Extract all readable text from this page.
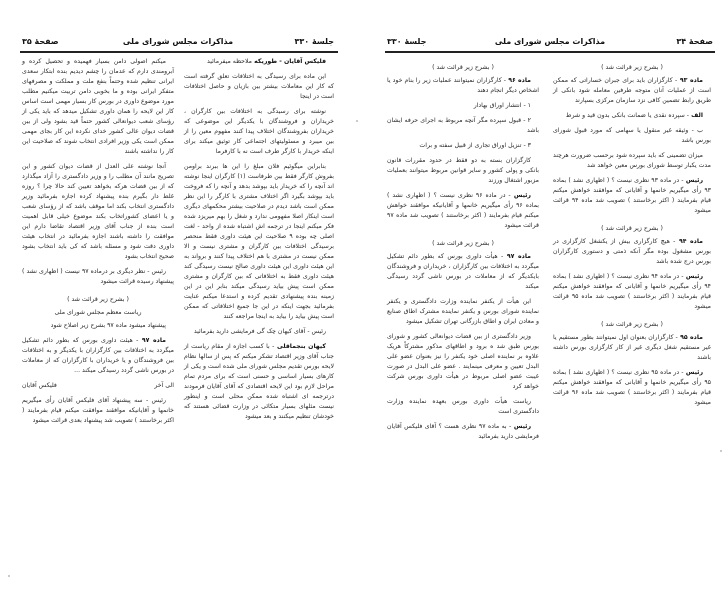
جلسهٔ ۳۳۰
مذاکرات مجلس شورای ملی
صفحهٔ ۳۵

فلیکس آقایان - طوریکه ملاحظه میفرمائید

این ماده برای رسیدگی به اختلافات تعلق گرفته است که کار این معاملات بیشتر بین بازیان و حاصل اختلافات است در اینجا

نوشته برای رسیدگی به اختلافات بین کارگران ، خریداران و فروشندگان با یکدیگر این موضوعی که خریداران بفروشندگان اختلاف پیدا کنند مفهوم معین را از بین میبرد و مسئولیتهای اجتماعی کار توثیق میکند برای اینکه خریدار با کارگر طرف است نه با کارفرما

بنابراین میگوئیم فلان مبلغ را این ها ببرند براومن بفروش کارگر فقط بین طرفاست (۱) کارگران اینجا نوشته اند آنچه را که خریدار باید بپوشد بدهد و آنچه را که فروخت باید بپوشد بگیرد اگر اختلاف مشتری با کارگر را این نظر ممکن است باشد دیدم در صلاحیت بیشتر محکمهای دیگری است اینکار اصلا مفهومی ندارد و شغل را بهم میریزد شده فکر میکنم اینجا در ترجمه اش اشتباه شده از واحد - لغت اصلی چه بوده ۹ صلاحیت این هیئت داوری فقط منحصر برسیدگی اختلافات بین کارگران و مشتری نیست و الا ممکن نیست در مشتری با هم اختلاف پیدا کنند و برواند به این هیئت داوری این هیئت داوری صالح نیست رسیدگی کند هیئت داوری فقط به اختلافاتی که بین کارگران و مشتری ممکن است پیش بیاید رسیدگی میکند بنابر این در این زمینه بنده پیشنهادی تقدیم کرده و استدعا میکنم عنایت بفرمائید بجهت اینکه در این جا جمیع اختلافاتی که ممکن است پیش بیاید را بیاید به اینجا مراجعه کنند

رئیس - آقای کیهان چک گی فرمایشی دارید بفرمائید

کیهان بنجماقلی - با کسب اجازه از مقام ریاست از جناب آقای وزیر اقتصاد تشکر میکنم که پس از سالها نظام لایحه بورس تقدیم مجلس شورای ملی شده است و یکی از کارهای بسیار اساسی و حسنی است که برای مردم تمام مراحل لازم بود این لایحه اقتصادی که آقای آقایان فرمودند درترجمه ای اشتباه شده ممکن محلی است و اینطور نیست مثلهای بسیار متکائی در وزارت قضائی هستند که خودشان تنظیم میکنند و بعد میشود

میکنم اصولی دامن بسیار فهمیده و تحصیل کرده و آبرومندی دارم که عدمان را چشم دیدیم بنده ابتکار سعدی ایرانی تنظیم شده وحتماً بنفع ملت و مملکت و مصرفهای متفکر ایرانی بوده و ما بخوبی دامن تربیت میکنیم مطلب مورد موضوع داوری در بورس کار بسیار مهمی است اساس کار این لایحه را همان داوری تشکیل میدهد که باید یکی از رؤسای شعب دیوانعالی کشور حتماً قید بشود ولی از بین قضات دیوان عالی کشور خدای نکرده این کار بجای مهمی ممکن است یکی وزیر افرادی انتخاب شوند که صلاحیت این کار را نداشته باشند

آنجا نوشته علی العدل از قضات دیوان کشور و این تصریح مانند آن مطلب را و وزیر دادگستری را آزاد میگذارد که از بین قضات هرکه بخواهد تعیین کند حالا چرا ؟ روزه غلط دار بگیرم بنده پیشنهاد کرده اجازه بفرمائید وزیر دادگستری انتخاب بکند اما موقف باشد که از رؤسای شعب و یا اعضای کشوراتخاب بکند موضوع خیلی قابل اهمیت است بنده از جناب آقای وزیر اقتصاد تقاضا دارم این موافقت را داشته باشند اجازه بفرمائید در انتخاب هیئت داوری دقت شود و مسئله باشد که کی باید انتخاب بشود صحیح انتخاب بشود

رئیس - نظر دیگری بر درماده ۹۷ نیست ( اظهاری نشد ) پیشنهاد رسیده قرائت میشود

( بشرح زیر قرائت شد )

ریاست معظم مجلس شورای ملی

پیشنهاد میشود ماده ۹۷ بشرح زیر اصلاح شود

ماده ۹۷ - هیئت داوری بورس که بطور دائم تشکیل میگردد به اختلافات بین کارگزاران با یکدیگر و به اختلافات بین فروشندگان و یا خریداران با کارگزاران که از معاملات در بورس ناشی گردد رسیدگی میکند ...

الی آخر
فلیکس آقایان

رئیس - سه پیشنهاد آقای فلیکس آقایان رأی میگیریم خانمها و آقایانیکه موافقند موافقت میکنم قیام بفرمایند ( اکثر برخاستند ) تصویب شد پیشنهاد بعدی قرائت میشود

صفحهٔ ۳۴
مذاکرات مجلس شورای ملی
جلسهٔ ۳۳۰

( بشرح زیر قرائت شد )

ماده ۹۳ - کارگزاران باید برای جبران خساراتی که ممکن است از عملیات آنان متوجه طرفین معامله شود بانکی از طریق رابط تضمین کافی نزد سازمان مرکزی بسپارند

الف - سپرده نقدی یا ضمانت بانکی بدون قید و شرط

ب - وثیقه غیر منقول یا سهامی که مورد قبول شورای بورس باشد

میزان تضمینی که باید سپرده شود برحسب ضرورت هرچند مدت یکبار توسط شورای بورس معین خواهد شد

رئیس - در ماده ۹۳ نظری نیست ؟ ( اظهاری نشد ) بماده ۹۳ رأی میگیریم خانمها و آقایانی که موافقند خواهش میکنم قیام بفرمایند ( اکثر برخاستند ) تصویب شد ماده ۹۴ قرائت میشود

( بشرح زیر قرائت شد )

ماده ۹۴ - هیچ کارگزاری بیش از یکشغل کارگزاری در بورس مشغول بوده مگر آنکه ذمتی و دستوری کارگزاران بورس درج شده باشد

رئیس - در ماده ۹۴ نظری نیست ؟ ( اظهاری نشد ) بماده ۹۴ رأی میگیریم خانمها و آقایانی که موافقند خواهش میکنم قیام بفرمایند ( اکثر برخاستند ) تصویب شد ماده ۹۵ قرائت میشود

( بشرح زیر قرائت شد )

ماده ۹۵ - کارگزاران بعنوان اول نمیتوانند بطور مستقیم یا غیر مستقیم شغل دیگری غیر از کار کارگزاری بورس داشته باشند

رئیس - در ماده ۹۵ نظری نیست ؟ ( اظهاری نشد ) بماده ۹۵ رأی میگیریم خانمها و آقایانی که موافقند خواهش میکنم قیام بفرمایند ( اکثر برخاستند ) تصویب شد ماده ۹۶ قرائت میشود

( بشرح زیر قرائت شد )

ماده ۹۶ - کارگزاران نمیتوانند عملیات زیر را بنام خود یا اشخاص دیگر انجام دهند

۱ - انتشار اوراق بهادار

۲ - قبول سپرده مگر آنچه مربوط به اجرای حرفه ایشان باشد

۳ - تنزیل اوراق تجاری از قبیل سفته و برات

کارگزاران بسته به دو فقط در حدود مقررات قانون بانکی و پولی کشور و سایر قوانین مربوط میتوانند بعملیات مزبور اشتغال ورزند

رئیس - در ماده ۹۶ نظری نیست ؟ ( اظهاری نشد ) بماده ۹۶ رأی میگیریم خانمها و آقایانیکه موافقند خواهش میکنم قیام بفرمایند ( اکثر برخاستند ) تصویب شد ماده ۹۷ قرائت میشود

( بشرح زیر قرائت شد )

ماده ۹۷ - هیأت داوری بورس که بطور دائم تشکیل میگردد به اختلافات بین کارگزاران ، خریداران و فروشندگان بایکدیگر که از معاملات در بورس ناشی گردد رسیدگی میکند

این هیأت از یکنفر نماینده وزارت دادگستری و یکنفر نماینده شورای بورس و یکنفر نماینده مشترک اطاق صنایع و معادن ایران و اطاق بازرگانی تهران تشکیل میشود

وزیر دادگستری از بین قضات دیوانعالی کشور و شورای بورس طبق شد ه برود و اطاقهای مذکور مشترکاً هریک علاوه بر نماینده اصلی خود یکنفر را نیز بعنوان عضو علی البدل تعیین و معرفی مینمایند . عضو علی البدل در صورت غیبت عضو اصلی مربوط در هیأت داوری بورس شرکت خواهد کرد

ریاست هیأت داوری بورس بعهده نماینده وزارت دادگستری است

رئیس - به ماده ۹۷ نظری هست ؟ آقای فلیکس آقایان فرمایشی دارید بفرمائید
